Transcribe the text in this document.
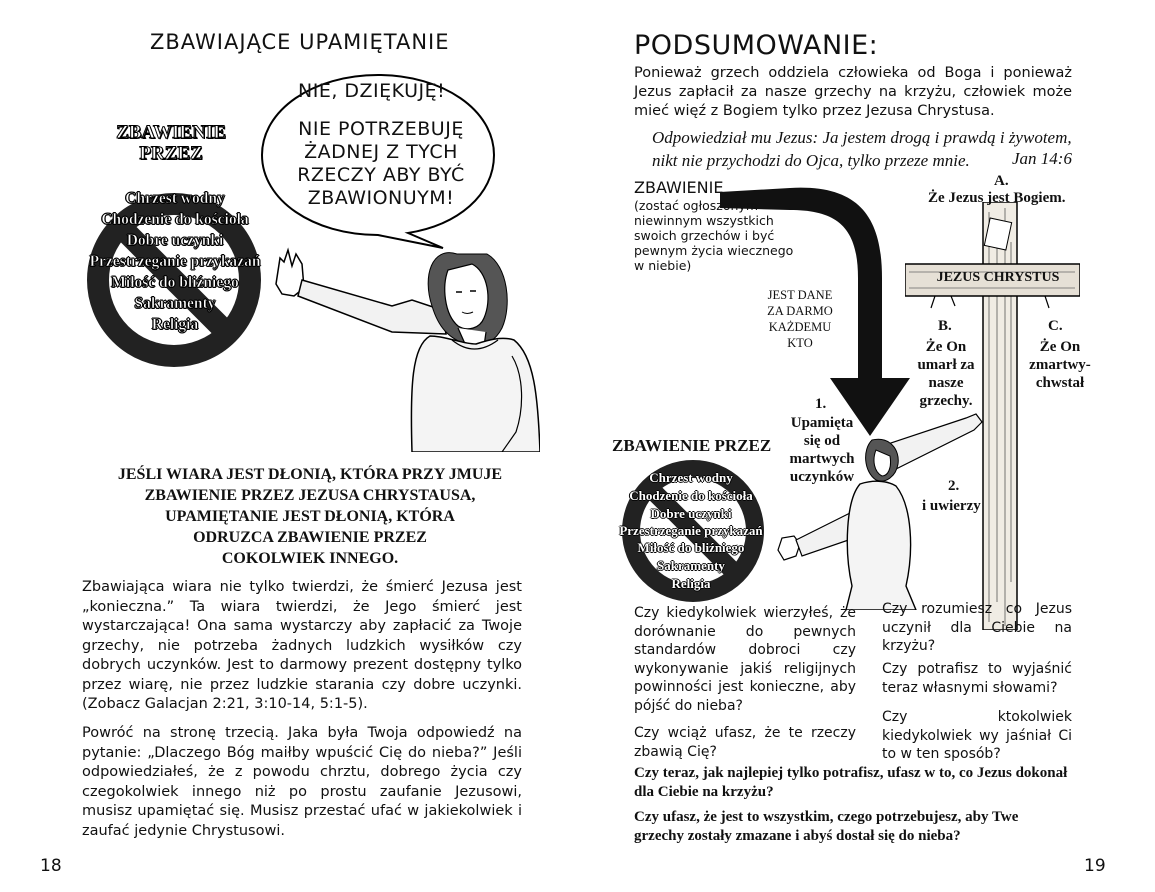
ZBAWIAJĄCE UPAMIĘTANIE
NIE, DZIĘKUJĘ!
NIE POTRZEBUJĘ
ŻADNEJ Z TYCH
RZECZY ABY BYĆ
ZBAWIONUYM!
ZBAWIENIE
PRZEZ
Chrzest wodny
Chodzenie do kościoła
Dobre uczynki
Przestrzeganie przykazań
Miłość do bliźniego
Sakramenty
Religia
JEŚLI WIARA JEST DŁONIĄ, KTÓRA PRZY JMUJE
ZBAWIENIE PRZEZ JEZUSA CHRYSTAUSA,
UPAMIĘTANIE JEST DŁONIĄ, KTÓRA
ODRUZCA ZBAWIENIE PRZEZ
COKOLWIEK INNEGO.
Zbawiająca wiara nie tylko twierdzi, że śmierć Jezusa jest „konieczna.” Ta wiara twierdzi, że Jego śmierć jest wystarczająca! Ona sama wystarczy aby zapłacić za Twoje grzechy, nie potrzeba żadnych ludzkich wysiłków czy dobrych uczynków. Jest to darmowy prezent dostępny tylko przez wiarę, nie przez ludzkie starania czy dobre uczynki. (Zobacz Galacjan 2:21, 3:10-14, 5:1-5).
Powróć na stronę trzecią. Jaka była Twoja odpowiedź na pytanie: „Dlaczego Bóg maiłby wpuścić Cię do nieba?” Jeśli odpowiedziałeś, że z powodu chrztu, dobrego życia czy czegokolwiek innego niż po prostu zaufanie Jezusowi, musisz upamiętać się. Musisz przestać ufać w jakiekolwiek i zaufać jedynie Chrystusowi.
18
PODSUMOWANIE:
Ponieważ grzech oddziela człowieka od Boga i ponieważ Jezus zapłacił za nasze grzechy na krzyżu, człowiek może mieć więź z Bogiem tylko przez Jezusa Chrystusa.
Odpowiedział mu Jezus: Ja jestem drogą i prawdą i żywotem,
nikt nie przychodzi do Ojca, tylko przeze mnie.	Jan 14:6
ZBAWIENIE
(zostać ogłoszonym niewinnym wszystkich swoich grzechów i być pewnym życia wiecznego w niebie)
JEST DANE ZA DARMO KAŻDEMU KTO
A.
Że Jezus jest Bogiem.
JEZUS CHRYSTUS
B.
Że On umarł za nasze grzechy.
C.
Że On zmartwy-chwstał
1.
Upamięta się od martwych uczynków
2.
i uwierzy
ZBAWIENIE PRZEZ
Chrzest wodny
Chodzenie do kościoła
Dobre uczynki
Przestrzeganie przykazań
Miłość do bliźniego
Sakramenty
Religia
Czy kiedykolwiek wierzyłeś, że dorównanie do pewnych standardów dobroci czy wykonywanie jakiś religijnych powinności jest konieczne, aby pójść do nieba?
Czy wciąż ufasz, że te rzeczy zbawią Cię?
Czy rozumiesz co Jezus uczynił dla Ciebie na krzyżu?
Czy potrafisz to wyjaśnić teraz własnymi słowami?
Czy ktokolwiek kiedykolwiek wy jaśniał Ci to w ten sposób?
Czy teraz, jak najlepiej tylko potrafisz, ufasz w to, co Jezus dokonał dla Ciebie na krzyżu?
Czy ufasz, że jest to wszystkim, czego potrzebujesz, aby Twe grzechy zostały zmazane i abyś dostał się do nieba?
19
